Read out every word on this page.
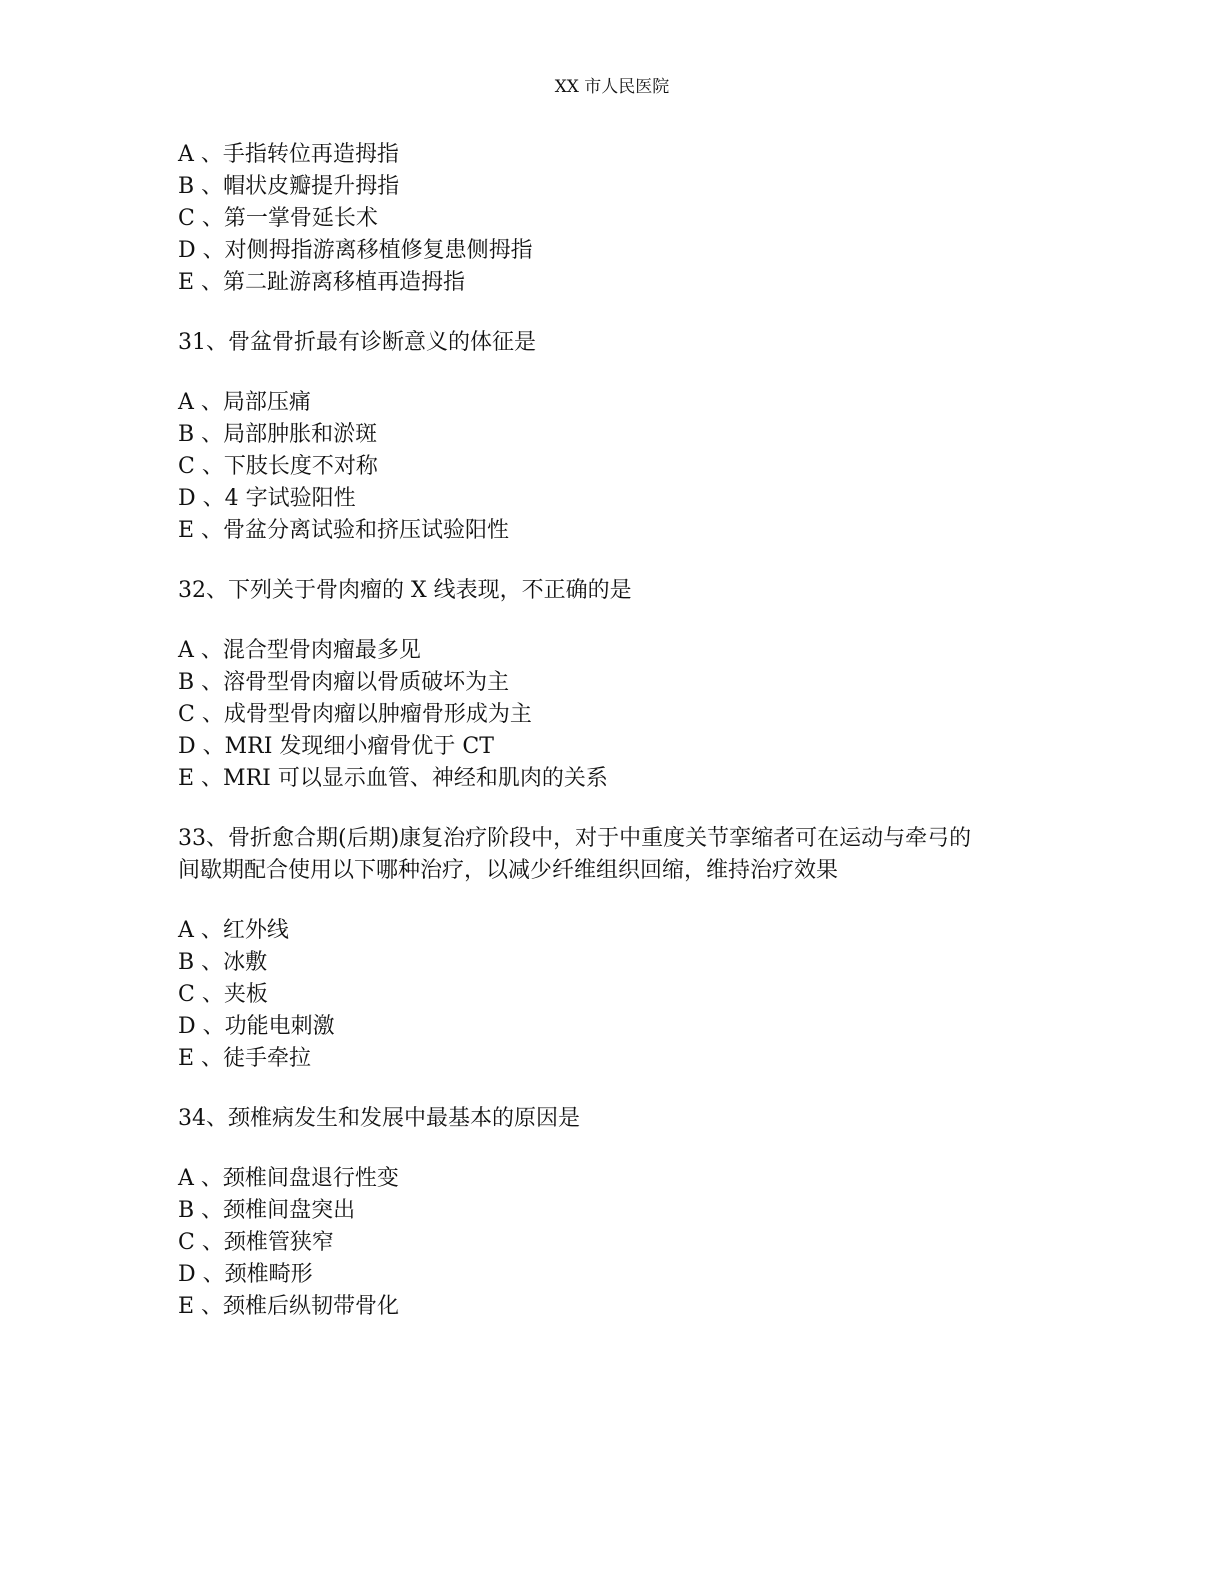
XX 市人民医院
A 、手指转位再造拇指
B 、帽状皮瓣提升拇指
C 、第一掌骨延长术
D 、对侧拇指游离移植修复患侧拇指
E 、第二趾游离移植再造拇指
31、骨盆骨折最有诊断意义的体征是
A 、局部压痛
B 、局部肿胀和淤斑
C 、下肢长度不对称
D 、4 字试验阳性
E 、骨盆分离试验和挤压试验阳性
32、下列关于骨肉瘤的 X 线表现，不正确的是
A 、混合型骨肉瘤最多见
B 、溶骨型骨肉瘤以骨质破坏为主
C 、成骨型骨肉瘤以肿瘤骨形成为主
D 、MRI 发现细小瘤骨优于 CT
E 、MRI 可以显示血管、神经和肌肉的关系
33、骨折愈合期(后期)康复治疗阶段中，对于中重度关节挛缩者可在运动与牵弓的
间歇期配合使用以下哪种治疗，以减少纤维组织回缩，维持治疗效果
A 、红外线
B 、冰敷
C 、夹板
D 、功能电刺激
E 、徒手牵拉
34、颈椎病发生和发展中最基本的原因是
A 、颈椎间盘退行性变
B 、颈椎间盘突出
C 、颈椎管狭窄
D 、颈椎畸形
E 、颈椎后纵韧带骨化
